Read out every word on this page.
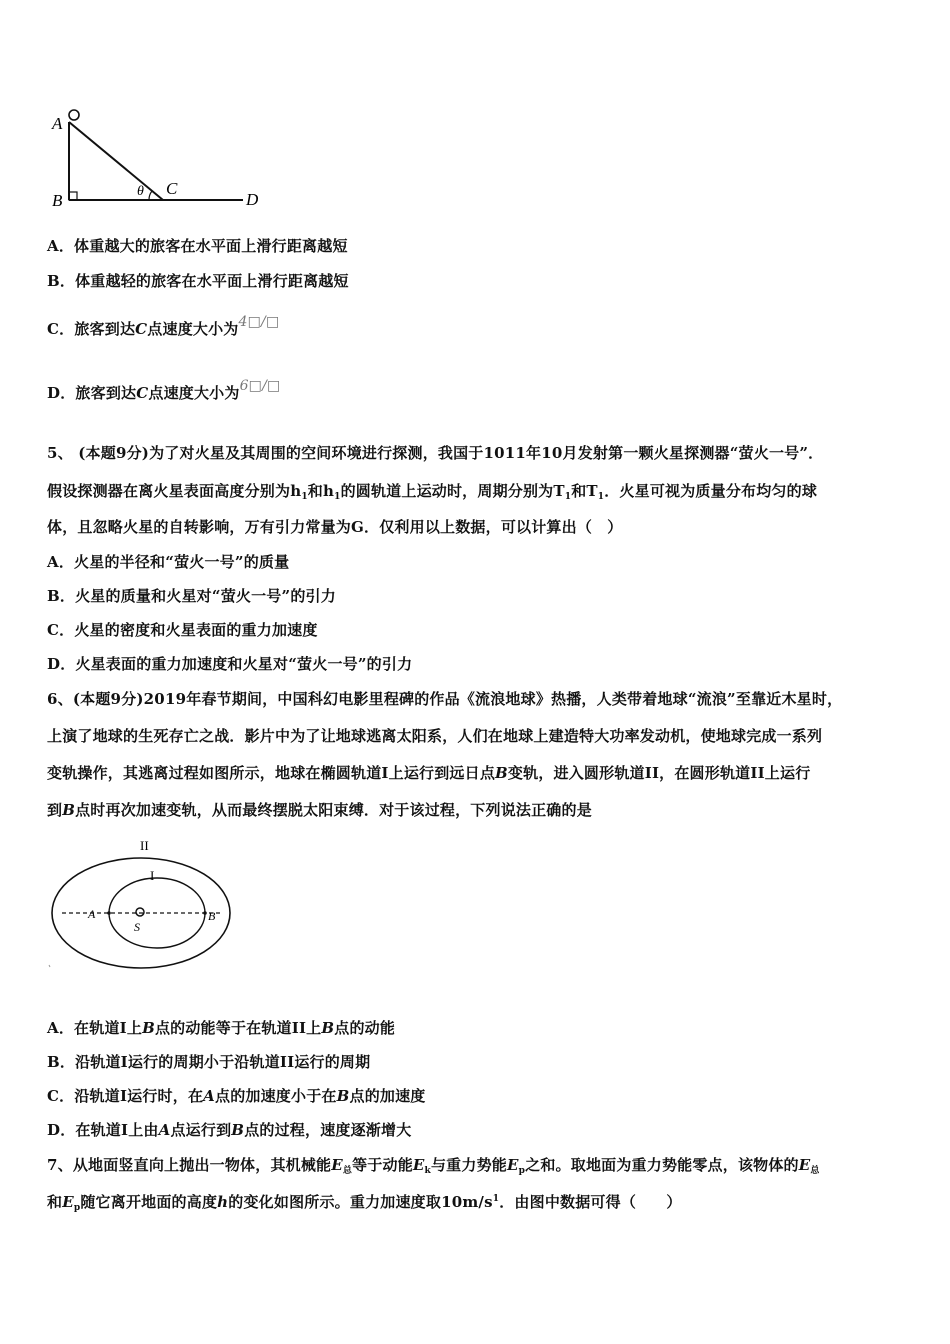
A
B	θ C
D
A．体重越大的旅客在水平面上滑行距离越短
B．体重越轻的旅客在水平面上滑行距离越短
C．旅客到达C点速度大小为4□/□
D．旅客到达C点速度大小为6□/□
5、 (本题9分)为了对火星及其周围的空间环境进行探测，我国于1011年10月发射第一颗火星探测器“萤火一号”．
假设探测器在离火星表面高度分别为$h_1$和$h_1$的圆轨道上运动时，周期分别为$T_1$和$T_1$．火星可视为质量分布均匀的球
体，且忽略火星的自转影响，万有引力常量为G．仅利用以上数据，可以计算出（　）
A．火星的半径和“萤火一号”的质量
B．火星的质量和火星对“萤火一号”的引力
C．火星的密度和火星表面的重力加速度
D．火星表面的重力加速度和火星对“萤火一号”的引力
6、(本题9分)2019年春节期间，中国科幻电影里程碑的作品《流浪地球》热播，人类带着地球“流浪”至靠近木星时，
上演了地球的生死存亡之战．影片中为了让地球逃离太阳系，人们在地球上建造特大功率发动机，使地球完成一系列
变轨操作，其逃离过程如图所示，地球在椭圆轨道I上运行到远日点B变轨，进入圆形轨道II，在圆形轨道II上运行
到B点时再次加速变轨，从而最终摆脱太阳束缚．对于该过程，下列说法正确的是
II
I
A	B
S
A．在轨道I上B点的动能等于在轨道II上B点的动能
B．沿轨道I运行的周期小于沿轨道II运行的周期
C．沿轨道I运行时，在A点的加速度小于在B点的加速度
D．在轨道I上由A点运行到B点的过程，速度逐渐增大
7、从地面竖直向上抛出一物体，其机械能$E_总$等于动能$E_k$与重力势能$E_p$之和。取地面为重力势能零点，该物体的$E_总$
和$E_p$随它离开地面的高度h的变化如图所示。重力加速度取$10m/s^1$．由图中数据可得（　　）
